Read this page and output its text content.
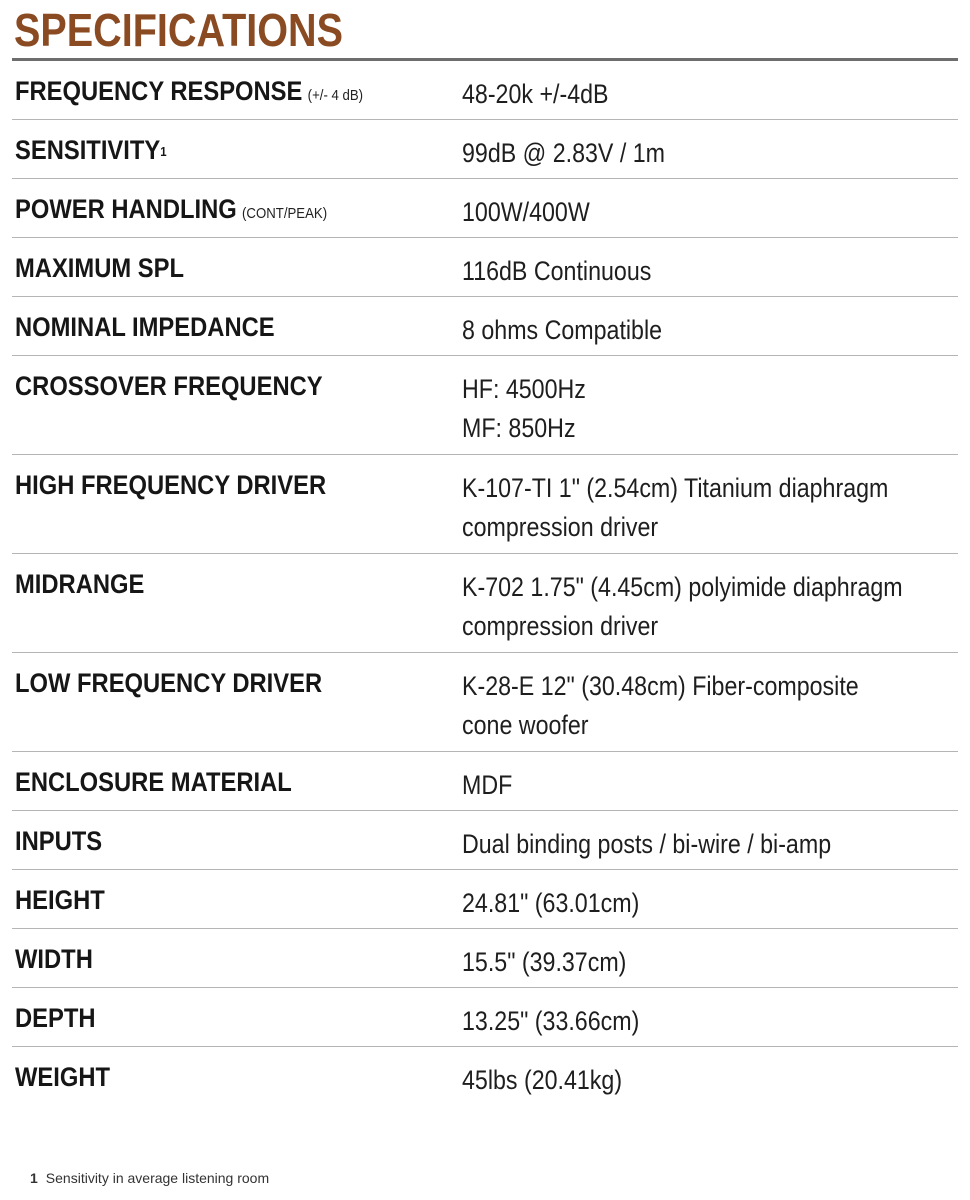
SPECIFICATIONS
FREQUENCY RESPONSE (+/- 4 dB)	48-20k +/-4dB
SENSITIVITY$^1$	99dB @ 2.83V / 1m
POWER HANDLING (CONT/PEAK)	100W/400W
MAXIMUM SPL	116dB Continuous
NOMINAL IMPEDANCE	8 ohms Compatible
CROSSOVER FREQUENCY	HF: 4500Hz
MF: 850Hz
HIGH FREQUENCY DRIVER	K-107-TI 1" (2.54cm) Titanium diaphragm
compression driver
MIDRANGE	K-702 1.75" (4.45cm) polyimide diaphragm
compression driver
LOW FREQUENCY DRIVER	K-28-E 12" (30.48cm) Fiber-composite
cone woofer
ENCLOSURE MATERIAL	MDF
INPUTS	Dual binding posts / bi-wire / bi-amp
HEIGHT	24.81" (63.01cm)
WIDTH	15.5" (39.37cm)
DEPTH	13.25" (33.66cm)
WEIGHT	45lbs (20.41kg)
1 Sensitivity in average listening room
